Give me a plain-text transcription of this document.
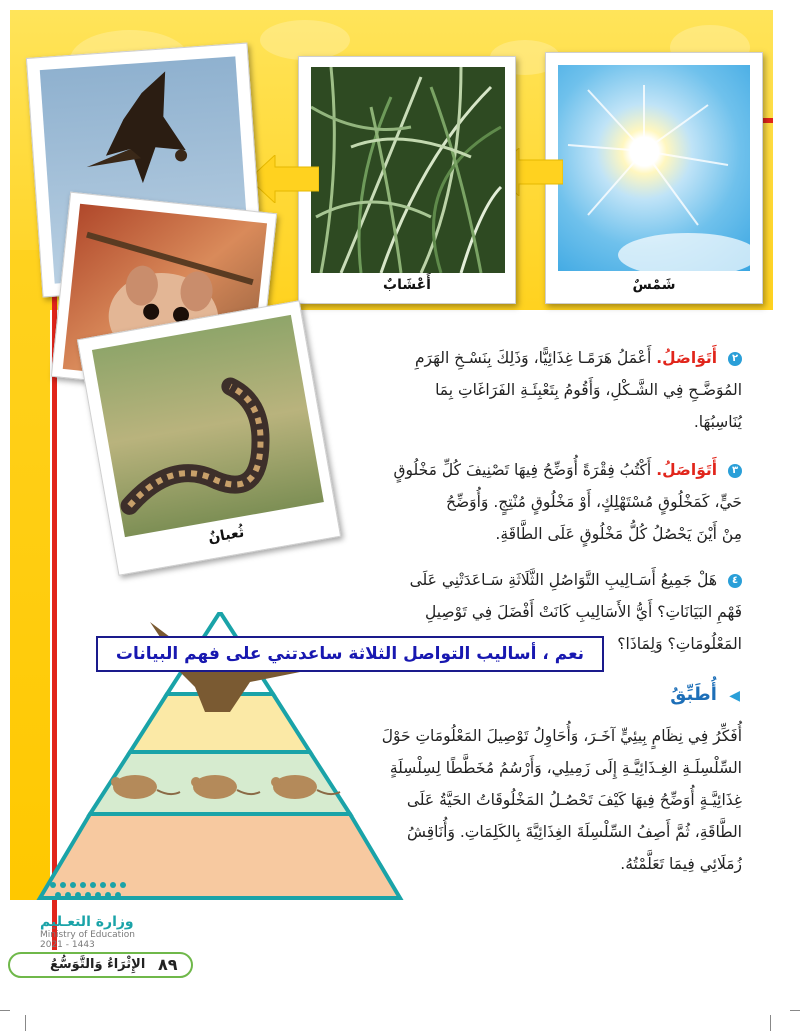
شَمْسٌ
أَعْشَابٌ
ثُعبانٌ
٢ أَتَوَاصَلُ. أَعْمَلُ هَرَمًـا غِذَائِيًّا، وَذَلِكَ بِنَسْـخِ الهَرَمِ
المُوَضَّـحِ فِي الشَّـكْلِ، وَأَقُومُ بِتَعْبِئَـةِ الفَرَاغَاتِ بِمَا
يُنَاسِبُهَا.
٣ أَتَوَاصَلُ. أَكْتُبُ فِقْرَةً أُوَضِّحُ فِيهَا تَصْنِيفَ كُلِّ مَخْلُوقٍ
حَيٍّ، كَمَخْلُوقٍ مُسْتَهْلِكٍ، أَوْ مَخْلُوقٍ مُنْتِجٍ. وَأُوَضِّحُ
مِنْ أَيْنَ يَحْصُلُ كُلُّ مَخْلُوقٍ عَلَى الطَّاقَةِ.
٤ هَلْ جَمِيعُ أَسَـالِيبِ التَّوَاصُلِ الثَّلَاثَةِ سَـاعَدَتْنِي عَلَى
فَهْمِ البَيَانَاتِ؟ أَيُّ الأَسَالِيبِ كَانَتْ أَفْضَلَ فِي تَوْصِيلِ
المَعْلُومَاتِ؟ وَلِمَاذَا؟
نعم ، أساليب التواصل الثلاثة ساعدتني على فهم البيانات
◀ أُطَبِّقُ
أُفَكِّرُ فِي نِظَامٍ بِيئِيٍّ آخَـرَ، وَأُحَاوِلُ تَوْصِيلَ المَعْلُومَاتِ حَوْلَ
السِّلْسِلَـةِ الغِـذَائِيَّـةِ إِلَى زَمِيلِي، وَأَرْسُمُ مُخَطَّطًا لِسِلْسِلَةٍ
غِذَائِيَّـةٍ أُوَضِّحُ فِيهَا كَيْفَ تَحْصُـلُ المَخْلُوقَاتُ الحَيَّةُ عَلَى
الطَّاقَةِ، ثُمَّ أَصِفُ السِّلْسِلَةَ الغِذَائِيَّةَ بِالكَلِمَاتِ. وَأُنَاقِشُ
زُمَلَائِي فِيمَا تَعَلَّمْتُهُ.
وزارة التعـليم
Ministry of Education
2021 - 1443
٨٩
الإِثْرَاءُ وَالتَّوَسُّعُ
